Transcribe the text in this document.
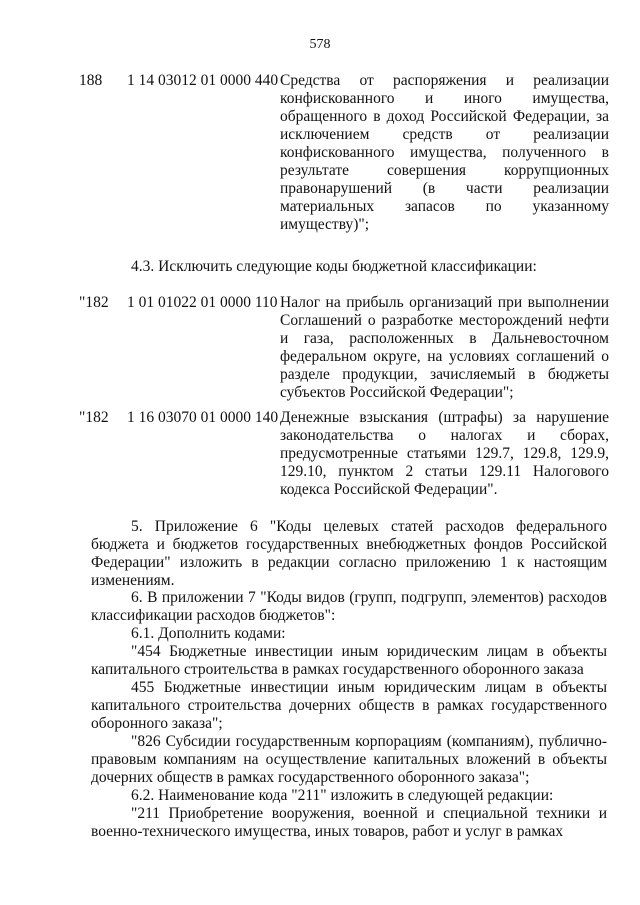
578
188 1 14 03012 01 0000 440 Средства от распоряжения и реализации конфискованного и иного имущества, обращенного в доход Российской Федерации, за исключением средств от реализации конфискованного имущества, полученного в результате совершения коррупционных правонарушений (в части реализации материальных запасов по указанному имуществу)";
4.3. Исключить следующие коды бюджетной классификации:
"182 1 01 01022 01 0000 110 Налог на прибыль организаций при выполнении Соглашений о разработке месторождений нефти и газа, расположенных в Дальневосточном федеральном округе, на условиях соглашений о разделе продукции, зачисляемый в бюджеты субъектов Российской Федерации";
"182 1 16 03070 01 0000 140 Денежные взыскания (штрафы) за нарушение законодательства о налогах и сборах, предусмотренные статьями 129.7, 129.8, 129.9, 129.10, пунктом 2 статьи 129.11 Налогового кодекса Российской Федерации".
5. Приложение 6 "Коды целевых статей расходов федерального бюджета и бюджетов государственных внебюджетных фондов Российской Федерации" изложить в редакции согласно приложению 1 к настоящим изменениям.
6. В приложении 7 "Коды видов (групп, подгрупп, элементов) расходов классификации расходов бюджетов":
6.1. Дополнить кодами:
"454 Бюджетные инвестиции иным юридическим лицам в объекты капитального строительства в рамках государственного оборонного заказа
455 Бюджетные инвестиции иным юридическим лицам в объекты капитального строительства дочерних обществ в рамках государственного оборонного заказа";
"826 Субсидии государственным корпорациям (компаниям), публично-правовым компаниям на осуществление капитальных вложений в объекты дочерних обществ в рамках государственного оборонного заказа";
6.2. Наименование кода "211" изложить в следующей редакции:
"211 Приобретение вооружения, военной и специальной техники и военно-технического имущества, иных товаров, работ и услуг в рамках
